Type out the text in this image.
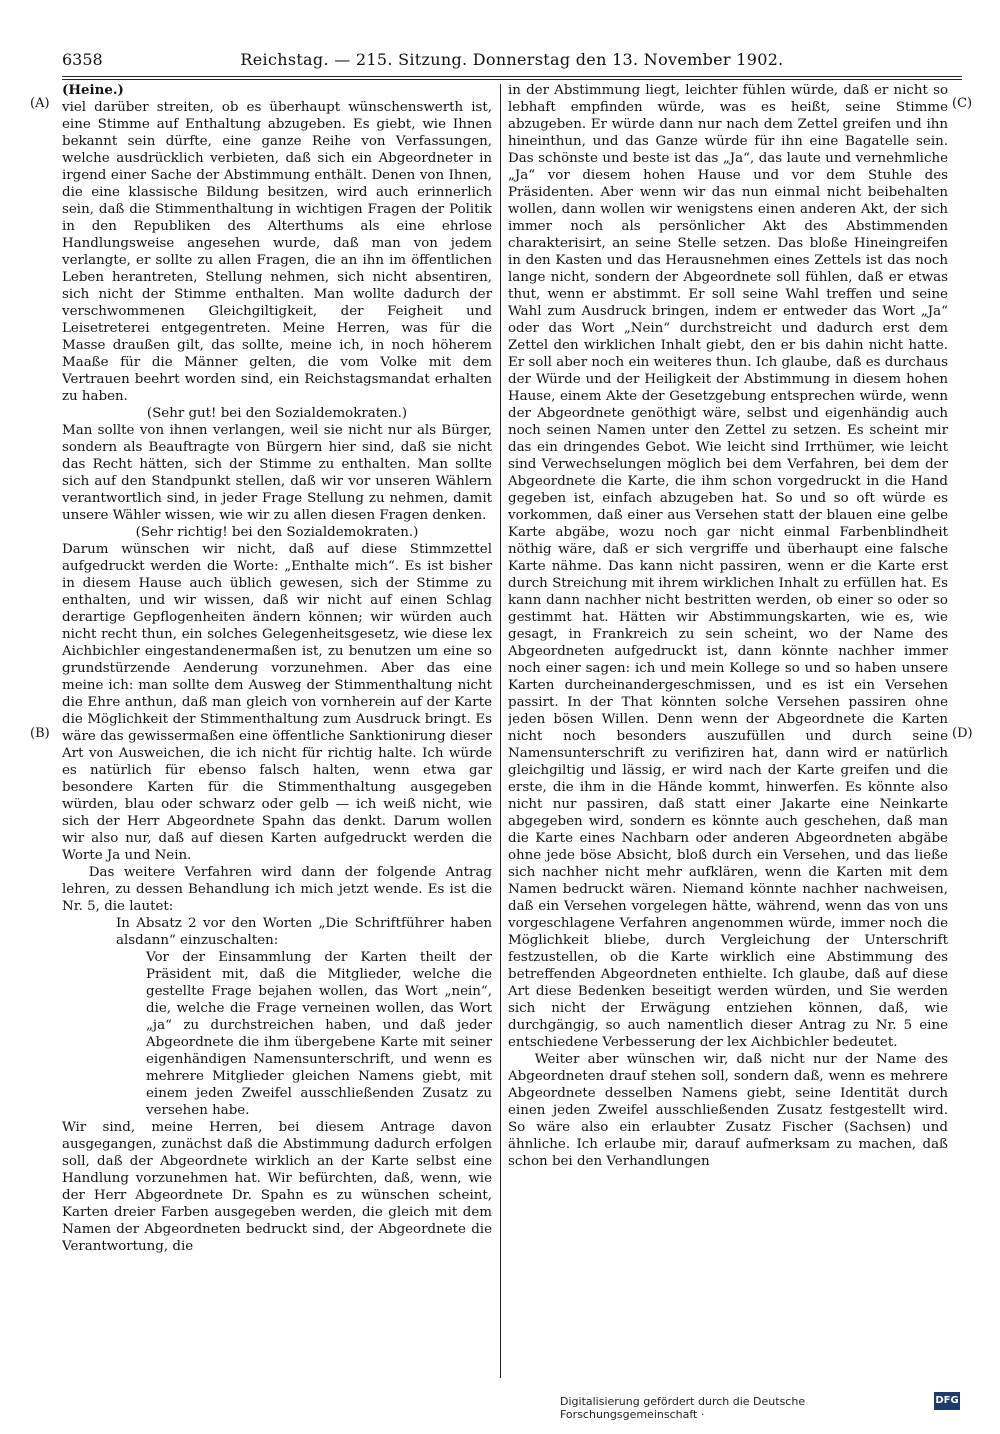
6358	Reichstag. — 215. Sitzung. Donnerstag den 13. November 1902.
(A)
(B)
(C)
(D)

(Heine.)

viel darüber streiten, ob es überhaupt wünschenswerth ist, eine Stimme auf Enthaltung abzugeben. Es giebt, wie Ihnen bekannt sein dürfte, eine ganze Reihe von Verfassungen, welche ausdrücklich verbieten, daß sich ein Abgeordneter in irgend einer Sache der Abstimmung enthält. Denen von Ihnen, die eine klassische Bildung besitzen, wird auch erinnerlich sein, daß die Stimmenthaltung in wichtigen Fragen der Politik in den Republiken des Alterthums als eine ehrlose Handlungsweise angesehen wurde, daß man von jedem verlangte, er sollte zu allen Fragen, die an ihn im öffentlichen Leben herantreten, Stellung nehmen, sich nicht absentiren, sich nicht der Stimme enthalten. Man wollte dadurch der verschwommenen Gleichgiltigkeit, der Feigheit und Leisetreterei entgegentreten. Meine Herren, was für die Masse draußen gilt, das sollte, meine ich, in noch höherem Maaße für die Männer gelten, die vom Volke mit dem Vertrauen beehrt worden sind, ein Reichstagsmandat erhalten zu haben.

(Sehr gut! bei den Sozialdemokraten.)

Man sollte von ihnen verlangen, weil sie nicht nur als Bürger, sondern als Beauftragte von Bürgern hier sind, daß sie nicht das Recht hätten, sich der Stimme zu enthalten. Man sollte sich auf den Standpunkt stellen, daß wir vor unseren Wählern verantwortlich sind, in jeder Frage Stellung zu nehmen, damit unsere Wähler wissen, wie wir zu allen diesen Fragen denken.

(Sehr richtig! bei den Sozialdemokraten.)

Darum wünschen wir nicht, daß auf diese Stimmzettel aufgedruckt werden die Worte: „Enthalte mich“. Es ist bisher in diesem Hause auch üblich gewesen, sich der Stimme zu enthalten, und wir wissen, daß wir nicht auf einen Schlag derartige Gepflogenheiten ändern können; wir würden auch nicht recht thun, ein solches Gelegenheitsgesetz, wie diese lex Aichbichler eingestandenermaßen ist, zu benutzen um eine so grundstürzende Aenderung vorzunehmen. Aber das eine meine ich: man sollte dem Ausweg der Stimmenthaltung nicht die Ehre anthun, daß man gleich von vornherein auf der Karte die Möglichkeit der Stimmenthaltung zum Ausdruck bringt. Es wäre das gewissermaßen eine öffentliche Sanktionirung dieser Art von Ausweichen, die ich nicht für richtig halte. Ich würde es natürlich für ebenso falsch halten, wenn etwa gar besondere Karten für die Stimmenthaltung ausgegeben würden, blau oder schwarz oder gelb — ich weiß nicht, wie sich der Herr Abgeordnete Spahn das denkt. Darum wollen wir also nur, daß auf diesen Karten aufgedruckt werden die Worte Ja und Nein.

Das weitere Verfahren wird dann der folgende Antrag lehren, zu dessen Behandlung ich mich jetzt wende. Es ist die Nr. 5, die lautet:

In Absatz 2 vor den Worten „Die Schriftführer haben alsdann“ einzuschalten:

Vor der Einsammlung der Karten theilt der Präsident mit, daß die Mitglieder, welche die gestellte Frage bejahen wollen, das Wort „nein“, die, welche die Frage verneinen wollen, das Wort „ja“ zu durchstreichen haben, und daß jeder Abgeordnete die ihm übergebene Karte mit seiner eigenhändigen Namensunterschrift, und wenn es mehrere Mitglieder gleichen Namens giebt, mit einem jeden Zweifel ausschließenden Zusatz zu versehen habe.

Wir sind, meine Herren, bei diesem Antrage davon ausgegangen, zunächst daß die Abstimmung dadurch erfolgen soll, daß der Abgeordnete wirklich an der Karte selbst eine Handlung vorzunehmen hat. Wir befürchten, daß, wenn, wie der Herr Abgeordnete Dr. Spahn es zu wünschen scheint, Karten dreier Farben ausgegeben werden, die gleich mit dem Namen der Abgeordneten bedruckt sind, der Abgeordnete die Verantwortung, die

in der Abstimmung liegt, leichter fühlen würde, daß er nicht so lebhaft empfinden würde, was es heißt, seine Stimme abzugeben. Er würde dann nur nach dem Zettel greifen und ihn hineinthun, und das Ganze würde für ihn eine Bagatelle sein. Das schönste und beste ist das „Ja“, das laute und vernehmliche „Ja“ vor diesem hohen Hause und vor dem Stuhle des Präsidenten. Aber wenn wir das nun einmal nicht beibehalten wollen, dann wollen wir wenigstens einen anderen Akt, der sich immer noch als persönlicher Akt des Abstimmenden charakterisirt, an seine Stelle setzen. Das bloße Hineingreifen in den Kasten und das Herausnehmen eines Zettels ist das noch lange nicht, sondern der Abgeordnete soll fühlen, daß er etwas thut, wenn er abstimmt. Er soll seine Wahl treffen und seine Wahl zum Ausdruck bringen, indem er entweder das Wort „Ja“ oder das Wort „Nein“ durchstreicht und dadurch erst dem Zettel den wirklichen Inhalt giebt, den er bis dahin nicht hatte. Er soll aber noch ein weiteres thun. Ich glaube, daß es durchaus der Würde und der Heiligkeit der Abstimmung in diesem hohen Hause, einem Akte der Gesetzgebung entsprechen würde, wenn der Abgeordnete genöthigt wäre, selbst und eigenhändig auch noch seinen Namen unter den Zettel zu setzen. Es scheint mir das ein dringendes Gebot. Wie leicht sind Irrthümer, wie leicht sind Verwechselungen möglich bei dem Verfahren, bei dem der Abgeordnete die Karte, die ihm schon vorgedruckt in die Hand gegeben ist, einfach abzugeben hat. So und so oft würde es vorkommen, daß einer aus Versehen statt der blauen eine gelbe Karte abgäbe, wozu noch gar nicht einmal Farbenblindheit nöthig wäre, daß er sich vergriffe und überhaupt eine falsche Karte nähme. Das kann nicht passiren, wenn er die Karte erst durch Streichung mit ihrem wirklichen Inhalt zu erfüllen hat. Es kann dann nachher nicht bestritten werden, ob einer so oder so gestimmt hat. Hätten wir Abstimmungskarten, wie es, wie gesagt, in Frankreich zu sein scheint, wo der Name des Abgeordneten aufgedruckt ist, dann könnte nachher immer noch einer sagen: ich und mein Kollege so und so haben unsere Karten durcheinandergeschmissen, und es ist ein Versehen passirt. In der That könnten solche Versehen passiren ohne jeden bösen Willen. Denn wenn der Abgeordnete die Karten nicht noch besonders auszufüllen und durch seine Namensunterschrift zu verifiziren hat, dann wird er natürlich gleichgiltig und lässig, er wird nach der Karte greifen und die erste, die ihm in die Hände kommt, hinwerfen. Es könnte also nicht nur passiren, daß statt einer Jakarte eine Neinkarte abgegeben wird, sondern es könnte auch geschehen, daß man die Karte eines Nachbarn oder anderen Abgeordneten abgäbe ohne jede böse Absicht, bloß durch ein Versehen, und das ließe sich nachher nicht mehr aufklären, wenn die Karten mit dem Namen bedruckt wären. Niemand könnte nachher nachweisen, daß ein Versehen vorgelegen hätte, während, wenn das von uns vorgeschlagene Verfahren angenommen würde, immer noch die Möglichkeit bliebe, durch Vergleichung der Unterschrift festzustellen, ob die Karte wirklich eine Abstimmung des betreffenden Abgeordneten enthielte. Ich glaube, daß auf diese Art diese Bedenken beseitigt werden würden, und Sie werden sich nicht der Erwägung entziehen können, daß, wie durchgängig, so auch namentlich dieser Antrag zu Nr. 5 eine entschiedene Verbesserung der lex Aichbichler bedeutet.

Weiter aber wünschen wir, daß nicht nur der Name des Abgeordneten drauf stehen soll, sondern daß, wenn es mehrere Abgeordnete desselben Namens giebt, seine Identität durch einen jeden Zweifel ausschließenden Zusatz festgestellt wird. So wäre also ein erlaubter Zusatz Fischer (Sachsen) und ähnliche. Ich erlaube mir, darauf aufmerksam zu machen, daß schon bei den Verhandlungen

Digitalisierung gefördert durch die Deutsche Forschungsgemeinschaft ·
DFG
